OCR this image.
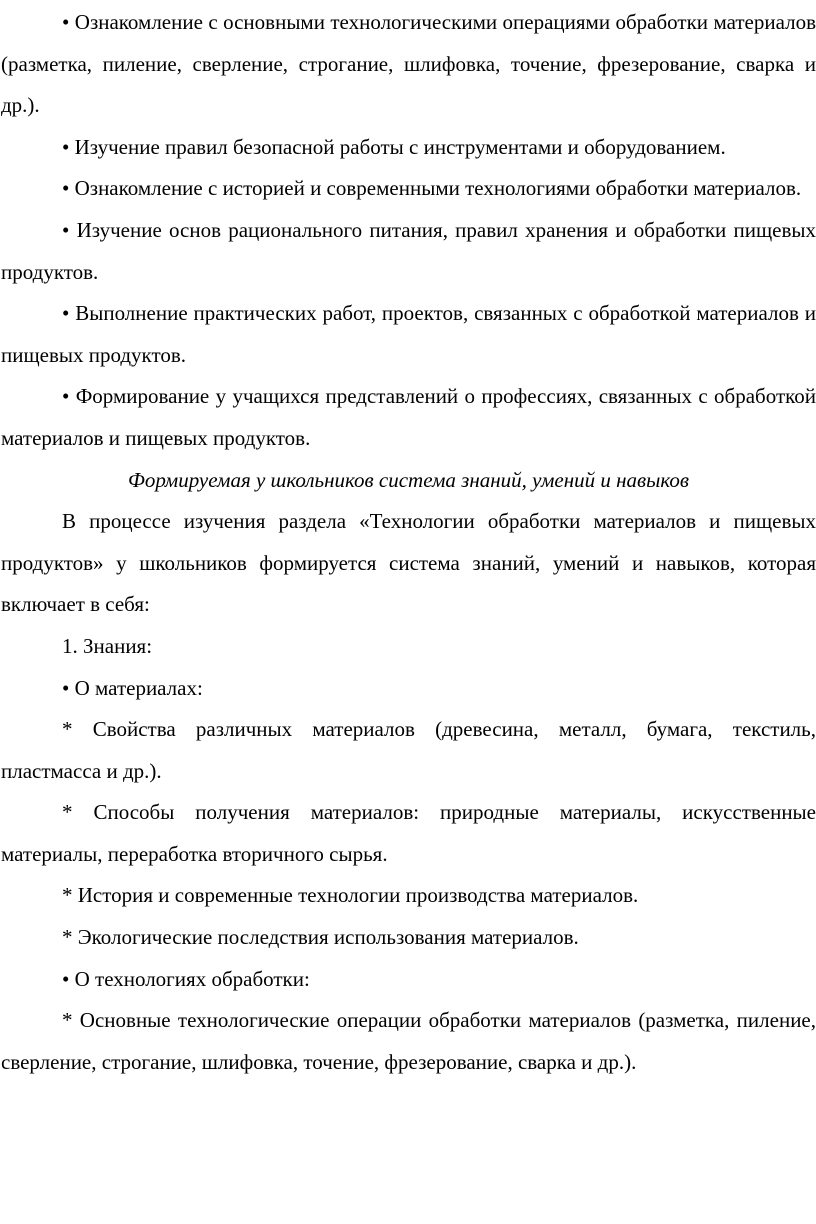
• Ознакомление с основными технологическими операциями обработки материалов (разметка, пиление, сверление, строгание, шлифовка, точение, фрезерование, сварка и др.).

• Изучение правил безопасной работы с инструментами и оборудованием.

• Ознакомление с историей и современными технологиями обработки материалов.

• Изучение основ рационального питания, правил хранения и обработки пищевых продуктов.

• Выполнение практических работ, проектов, связанных с обработкой материалов и пищевых продуктов.

• Формирование у учащихся представлений о профессиях, связанных с обработкой материалов и пищевых продуктов.

Формируемая у школьников система знаний, умений и навыков

В процессе изучения раздела «Технологии обработки материалов и пищевых продуктов» у школьников формируется система знаний, умений и навыков, которая включает в себя:

1. Знания:

• О материалах:

* Свойства различных материалов (древесина, металл, бумага, текстиль, пластмасса и др.).

* Способы получения материалов: природные материалы, искусственные материалы, переработка вторичного сырья.

* История и современные технологии производства материалов.

* Экологические последствия использования материалов.

• О технологиях обработки:

* Основные технологические операции обработки материалов (разметка, пиление, сверление, строгание, шлифовка, точение, фрезерование, сварка и др.).
